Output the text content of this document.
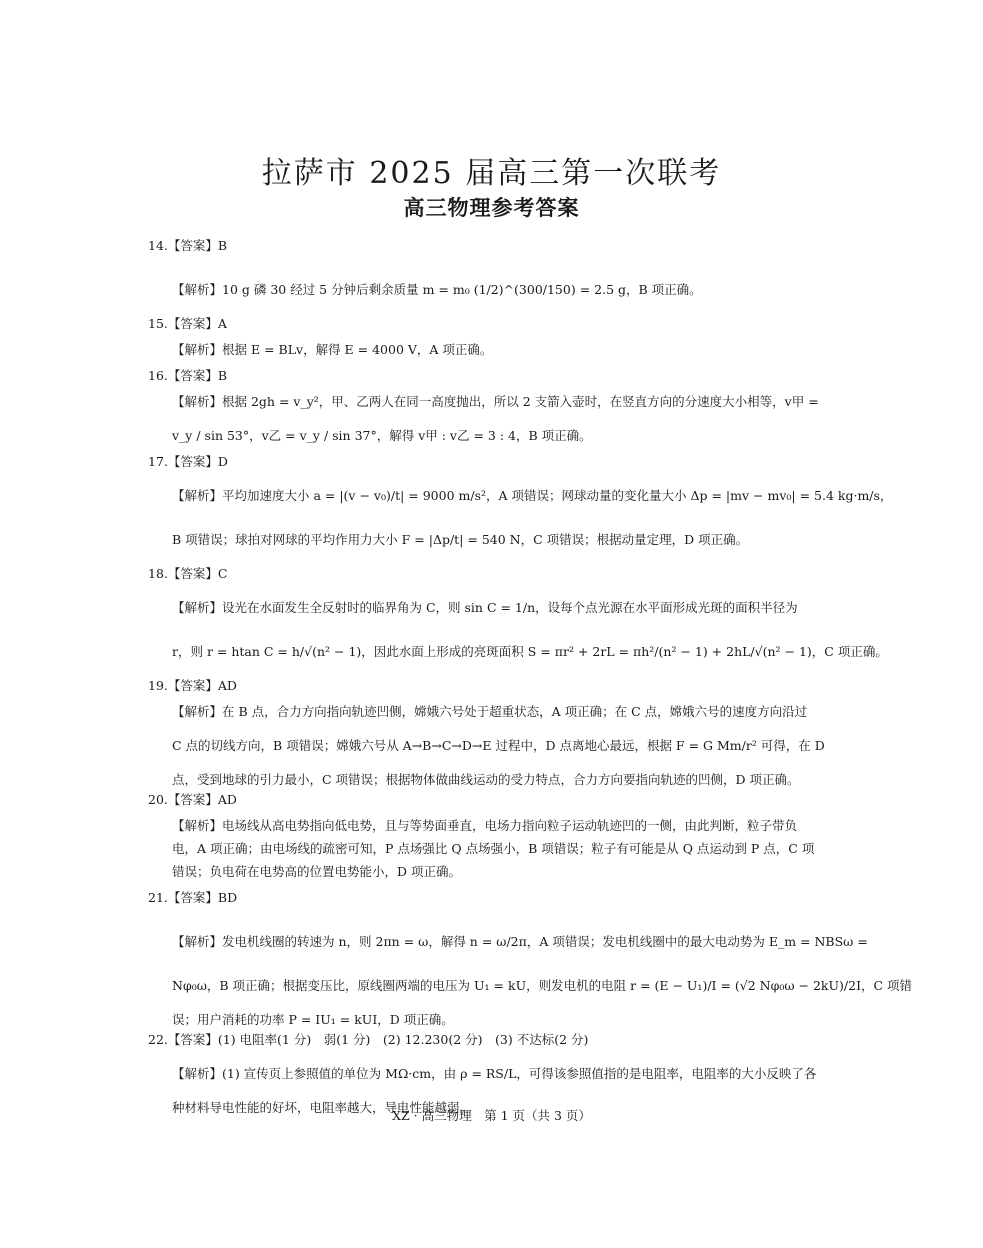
拉萨市 2025 届高三第一次联考
高三物理参考答案

14.【答案】B

【解析】10 g 磷 30 经过 5 分钟后剩余质量 m = m₀ (1/2)^(300/150) = 2.5 g，B 项正确。

15.【答案】A

【解析】根据 E = BLv，解得 E = 4000 V，A 项正确。

16.【答案】B

【解析】根据 2gh = v_y²，甲、乙两人在同一高度抛出，所以 2 支箭入壶时，在竖直方向的分速度大小相等，v甲 =

v_y / sin 53°，v乙 = v_y / sin 37°，解得 v甲 : v乙 = 3 : 4，B 项正确。

17.【答案】D

【解析】平均加速度大小 a = |(v − v₀)/t| = 9000 m/s²，A 项错误；网球动量的变化量大小 Δp = |mv − mv₀| = 5.4 kg·m/s，

B 项错误；球拍对网球的平均作用力大小 F = |Δp/t| = 540 N，C 项错误；根据动量定理，D 项正确。

18.【答案】C

【解析】设光在水面发生全反射时的临界角为 C，则 sin C = 1/n，设每个点光源在水平面形成光斑的面积半径为

r，则 r = htan C = h/√(n² − 1)，因此水面上形成的亮斑面积 S = πr² + 2rL = πh²/(n² − 1) + 2hL/√(n² − 1)，C 项正确。

19.【答案】AD

【解析】在 B 点，合力方向指向轨迹凹侧，嫦娥六号处于超重状态，A 项正确；在 C 点，嫦娥六号的速度方向沿过

C 点的切线方向，B 项错误；嫦娥六号从 A→B→C→D→E 过程中，D 点离地心最远，根据 F = G Mm/r² 可得，在 D

点，受到地球的引力最小，C 项错误；根据物体做曲线运动的受力特点，合力方向要指向轨迹的凹侧，D 项正确。

20.【答案】AD

【解析】电场线从高电势指向低电势，且与等势面垂直，电场力指向粒子运动轨迹凹的一侧，由此判断，粒子带负

电，A 项正确；由电场线的疏密可知，P 点场强比 Q 点场强小，B 项错误；粒子有可能是从 Q 点运动到 P 点，C 项

错误；负电荷在电势高的位置电势能小，D 项正确。

21.【答案】BD

【解析】发电机线圈的转速为 n，则 2πn = ω，解得 n = ω/2π，A 项错误；发电机线圈中的最大电动势为 E_m = NBSω =

Nφ₀ω，B 项正确；根据变压比，原线圈两端的电压为 U₁ = kU，则发电机的电阻 r = (E − U₁)/I = (√2 Nφ₀ω − 2kU)/2I，C 项错

误；用户消耗的功率 P = IU₁ = kUI，D 项正确。

22.【答案】(1) 电阻率(1 分)　弱(1 分)　(2) 12.230(2 分)　(3) 不达标(2 分)

【解析】(1) 宣传页上参照值的单位为 MΩ·cm，由 ρ = RS/L，可得该参照值指的是电阻率，电阻率的大小反映了各

种材料导电性能的好坏，电阻率越大，导电性能越弱。

XZ · 高三物理　第 1 页（共 3 页）
